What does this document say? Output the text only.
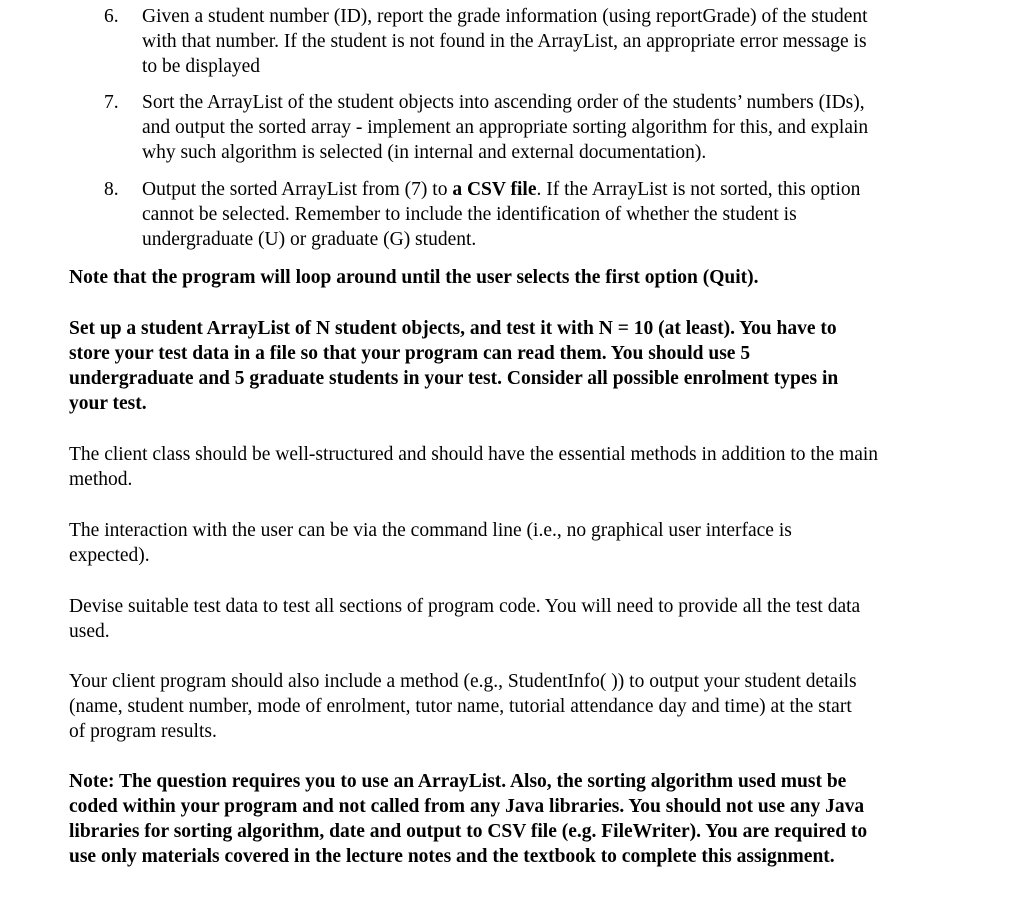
6.	Given a student number (ID), report the grade information (using reportGrade) of the student
with that number. If the student is not found in the ArrayList, an appropriate error message is
to be displayed
7.	Sort the ArrayList of the student objects into ascending order of the students’ numbers (IDs),
and output the sorted array - implement an appropriate sorting algorithm for this, and explain
why such algorithm is selected (in internal and external documentation).
8.	Output the sorted ArrayList from (7) to a CSV file. If the ArrayList is not sorted, this option
cannot be selected. Remember to include the identification of whether the student is
undergraduate (U) or graduate (G) student.
Note that the program will loop around until the user selects the first option (Quit).
Set up a student ArrayList of N student objects, and test it with N = 10 (at least). You have to
store your test data in a file so that your program can read them. You should use 5
undergraduate and 5 graduate students in your test. Consider all possible enrolment types in
your test.
The client class should be well-structured and should have the essential methods in addition to the main
method.
The interaction with the user can be via the command line (i.e., no graphical user interface is
expected).
Devise suitable test data to test all sections of program code. You will need to provide all the test data
used.
Your client program should also include a method (e.g., StudentInfo( )) to output your student details
(name, student number, mode of enrolment, tutor name, tutorial attendance day and time) at the start
of program results.
Note: The question requires you to use an ArrayList. Also, the sorting algorithm used must be
coded within your program and not called from any Java libraries. You should not use any Java
libraries for sorting algorithm, date and output to CSV file (e.g. FileWriter). You are required to
use only materials covered in the lecture notes and the textbook to complete this assignment.
